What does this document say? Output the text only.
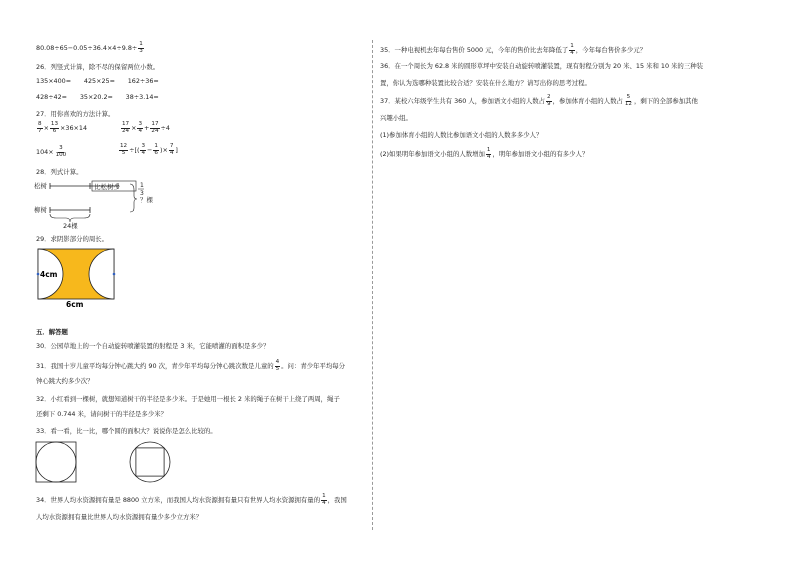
$80.08\div 65-0.05\div 36.4\times 4\div 9.8\div \frac{1}{3}$
26．列竖式计算，除不尽的保留两位小数。
135×400=　　425×25=　　162÷36=
428÷42=　　35×20.2=　　38÷3.14=
27．用你喜欢的方法计算。
$\frac{8}{7} \times \frac{13}{6} \times 36\times 14$	$\frac{17}{24} \times \frac{3}{4} + \frac{17}{24} \div 4$
$104\times \frac{3}{100}$	$\frac{12}{5}$ ÷[( $\frac{3}{4} - \frac{1}{6}$ )× $\frac{7}{4}$ ]
28．列式计算。
松树	比松树少	1
3
？棵
柳树
24棵
29．求阴影部分的周长。
4cm
6cm
五．解答题
30．公园草地上的一个自动旋转喷灌装置的射程是 3 米，它能喷灌的面积是多少？
31．我国十岁儿童平均每分钟心跳大约 90 次，青少年平均每分钟心跳次数是儿童的 $\frac{4}{5}$ 。问：青少年平均每分
钟心跳大约多少次？
32．小红看到一棵树，就想知道树干的半径是多少米。于是她用一根长 2 米的绳子在树干上绕了两周，绳子
还剩下 0.744 米，请问树干的半径是多少米？
33．看一看，比一比，哪个圆的面积大？说说你是怎么比较的。
34．世界人均水资源拥有量是 8800 立方米，而我国人均水资源拥有量只有世界人均水资源拥有量的 $\frac{1}{4}$ ，我国
人均水资源拥有量比世界人均水资源拥有量少多少立方米？
35．一种电视机去年每台售价 5000 元，今年的售价比去年降低了 $\frac{1}{4}$ ，今年每台售价多少元？
36．在一个周长为 62.8 米的圆形草坪中安装自动旋转喷灌装置，现有射程分别为 20 米、15 米和 10 米的三种装
置，你认为选哪种装置比较合适？安装在什么地方？请写出你的思考过程。
37．某校六年级学生共有 360 人，参加语文小组的人数占 $\frac{2}{9}$ ，参加体育小组的人数占 $\frac{5}{12}$ ，剩下的全部参加其他
兴趣小组。
(1)参加体育小组的人数比参加语文小组的人数多多少人？
(2)如果明年参加语文小组的人数增加 $\frac{1}{4}$ ，明年参加语文小组的有多少人？
